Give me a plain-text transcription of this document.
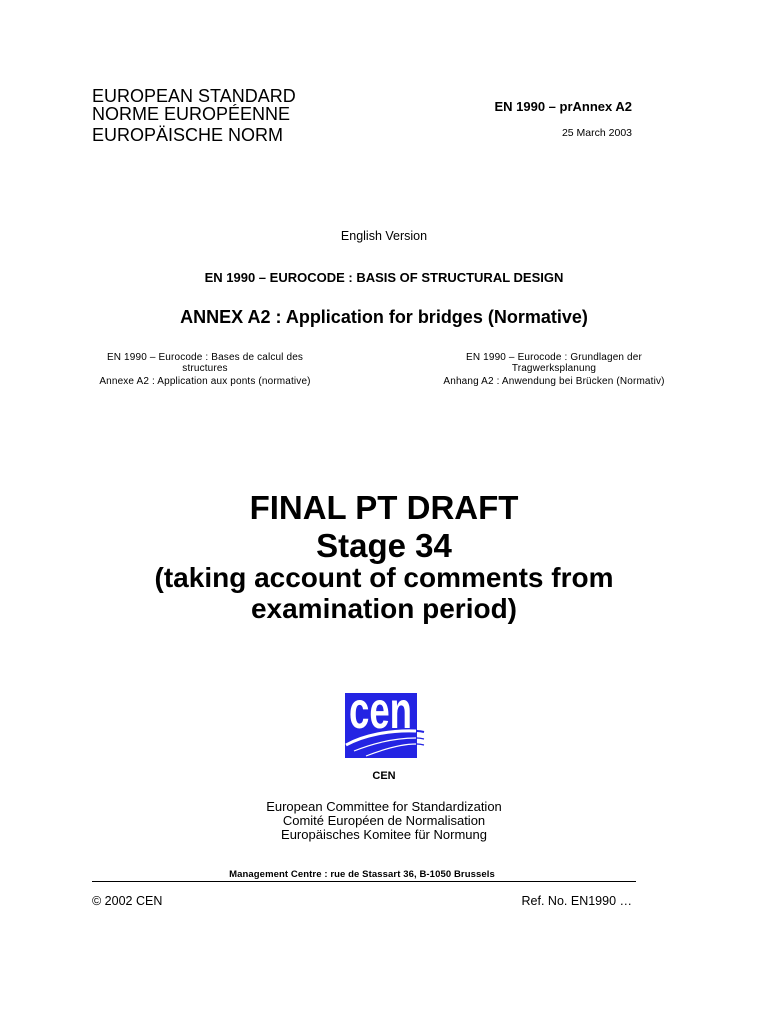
EUROPEAN STANDARD
NORME EUROPÉENNE
EUROPÄISCHE NORM
EN 1990 – prAnnex A2
25 March 2003
English Version
EN 1990 – EUROCODE : BASIS OF STRUCTURAL DESIGN
ANNEX A2 : Application for bridges (Normative)
EN 1990 – Eurocode : Bases de calcul des
structures
Annexe A2 : Application aux ponts (normative)
EN 1990 – Eurocode : Grundlagen der
Tragwerksplanung
Anhang A2 : Anwendung bei Brücken (Normativ)
FINAL PT DRAFT
Stage 34
(taking account of comments from
examination period)
cen
CEN
European Committee for Standardization
Comité Européen de Normalisation
Europäisches Komitee für Normung
Management Centre : rue de Stassart 36, B-1050 Brussels
© 2002 CEN	Ref. No. EN1990 …
